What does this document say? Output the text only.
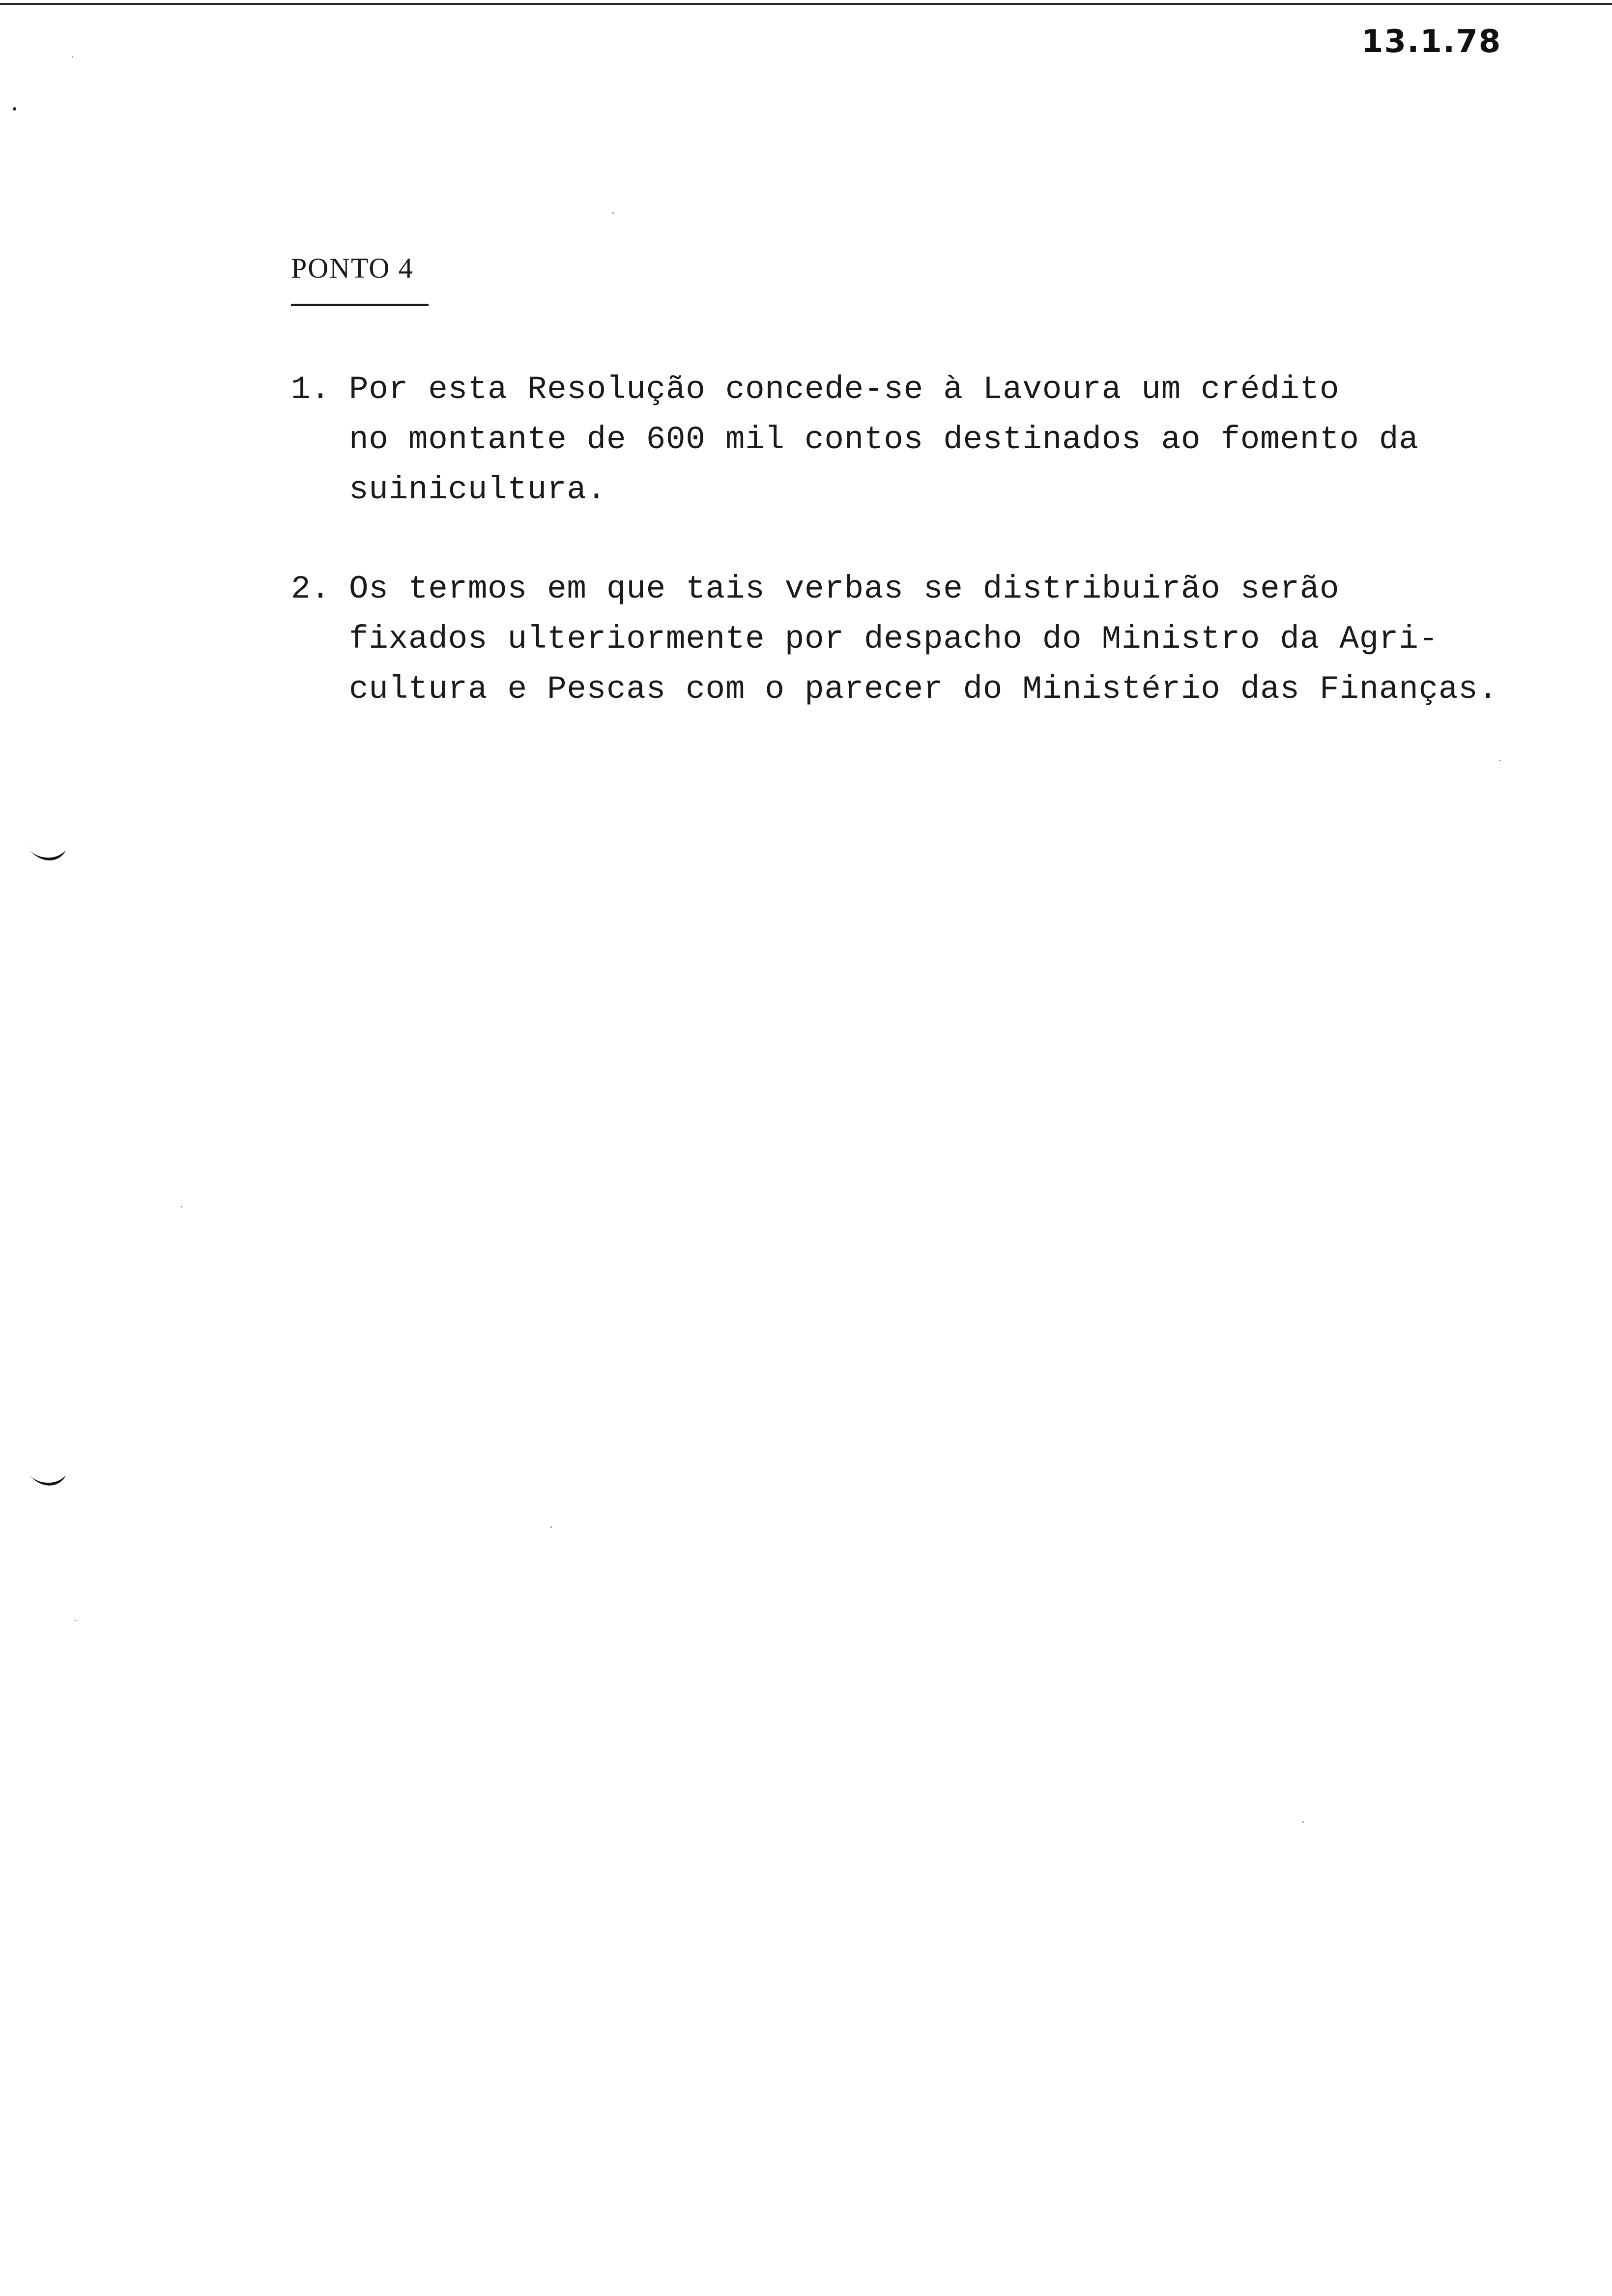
13.1.78
PONTO 4
1. Por esta Resolução concede-se à Lavoura um crédito
no montante de 600 mil contos destinados ao fomento da
suinicultura.
2. Os termos em que tais verbas se distribuirão serão
fixados ulteriormente por despacho do Ministro da Agri-
cultura e Pescas com o parecer do Ministério das Finanças.
